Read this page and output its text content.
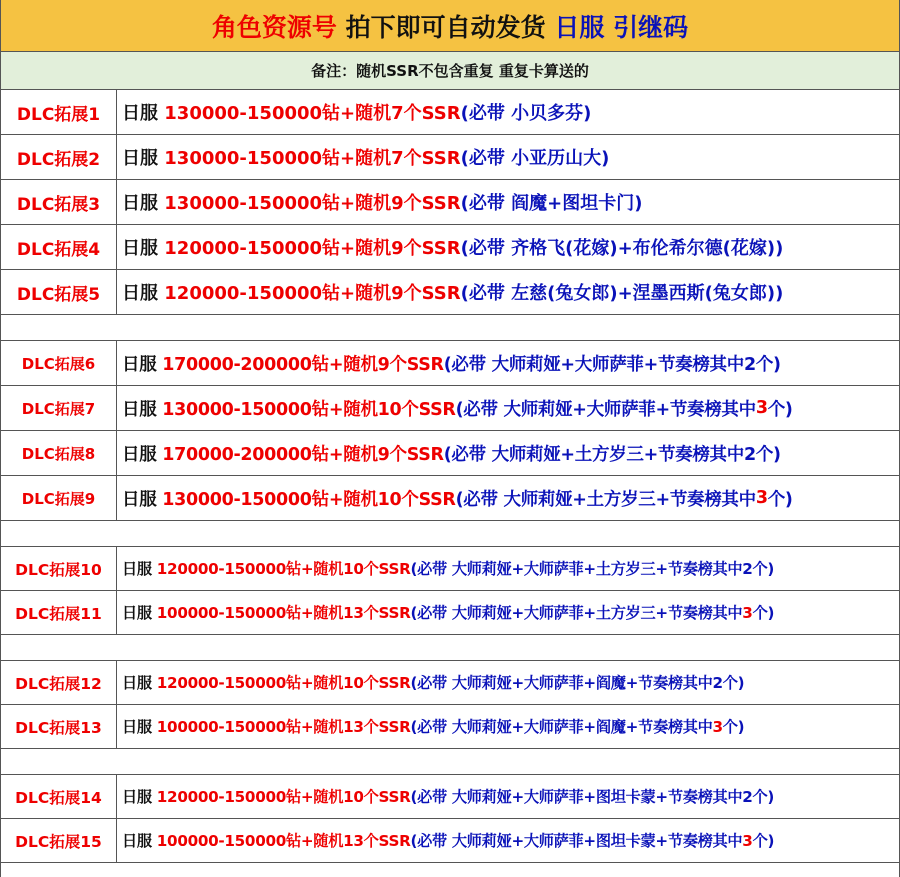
角色资源号 拍下即可自动发货 日服 引继码
备注：随机SSR不包含重复 重复卡算送的
DLC拓展1	日服
130000-150000钻+随机7个SSR (必带 小贝多芬)
DLC拓展2	日服
130000-150000钻+随机7个SSR (必带 小亚历山大)
DLC拓展3	日服
130000-150000钻+随机9个SSR (必带 阎魔+图坦卡门)
DLC拓展4	日服
120000-150000钻+随机9个SSR (必带 齐格飞(花嫁)+布伦希尔德(花嫁))
DLC拓展5	日服
120000-150000钻+随机9个SSR (必带 左慈(兔女郎)+涅墨西斯(兔女郎))
DLC拓展6	日服
170000-200000钻+随机9个SSR (必带 大师莉娅+大师萨菲+节奏榜其中2个)
DLC拓展7	日服
130000-150000钻+随机10个SSR (必带 大师莉娅+大师萨菲+节奏榜其中 3 个)
DLC拓展8	日服
170000-200000钻+随机9个SSR (必带 大师莉娅+土方岁三+节奏榜其中2个)
DLC拓展9	日服
130000-150000钻+随机10个SSR (必带 大师莉娅+土方岁三+节奏榜其中 3 个)
DLC拓展10	日服
120000-150000钻+随机10个SSR (必带 大师莉娅+大师萨菲+土方岁三+节奏榜其中2个)
DLC拓展11	日服
100000-150000钻+随机13个SSR (必带 大师莉娅+大师萨菲+土方岁三+节奏榜其中 3 个)
DLC拓展12	日服
120000-150000钻+随机10个SSR (必带 大师莉娅+大师萨菲+阎魔+节奏榜其中2个)
DLC拓展13	日服
100000-150000钻+随机13个SSR (必带 大师莉娅+大师萨菲+阎魔+节奏榜其中 3 个)
DLC拓展14	日服
120000-150000钻+随机10个SSR (必带 大师莉娅+大师萨菲+图坦卡蒙+节奏榜其中2个)
DLC拓展15	日服
100000-150000钻+随机13个SSR (必带 大师莉娅+大师萨菲+图坦卡蒙+节奏榜其中 3 个)
